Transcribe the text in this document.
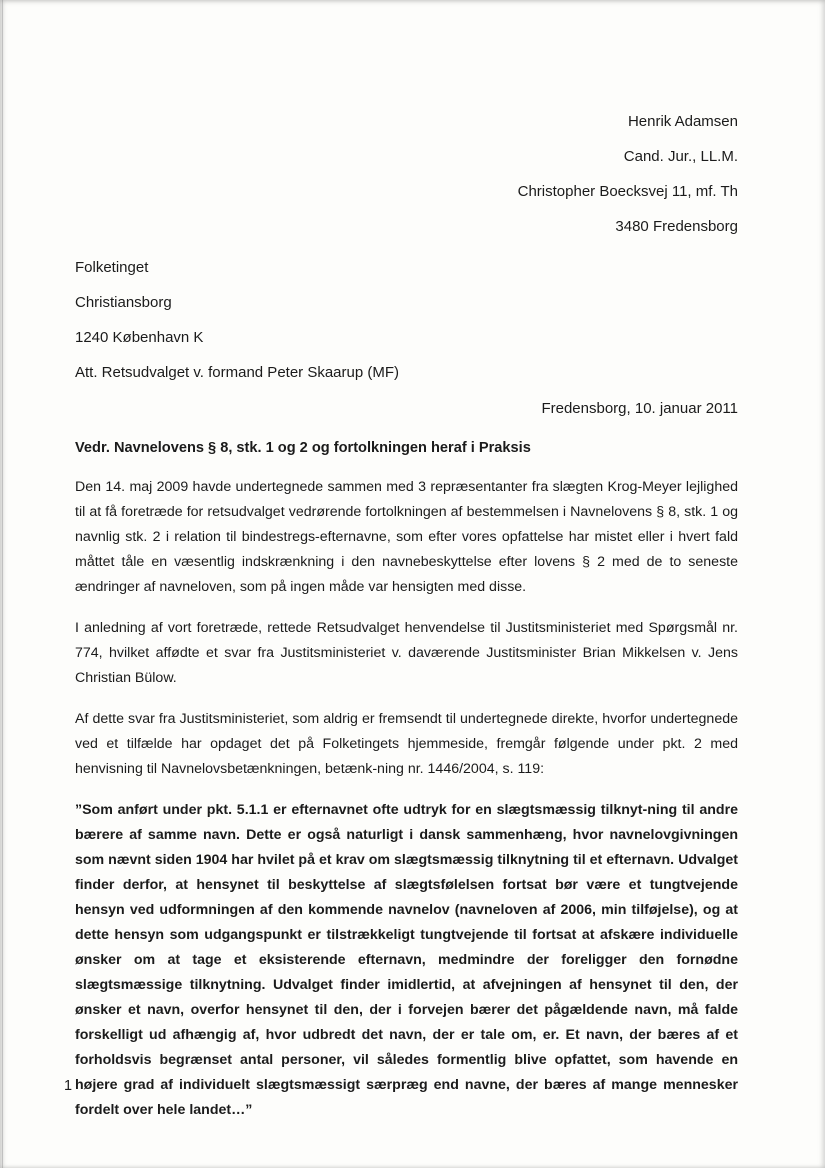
Henrik Adamsen
Cand. Jur., LL.M.
Christopher Boecksvej 11, mf. Th
3480 Fredensborg
Folketinget
Christiansborg
1240 København K
Att. Retsudvalget v. formand Peter Skaarup (MF)
Fredensborg, 10. januar 2011
Vedr. Navnelovens § 8, stk. 1 og 2 og fortolkningen heraf i Praksis

Den 14. maj 2009 havde undertegnede sammen med 3 repræsentanter fra slægten Krog-Meyer lejlighed til at få foretræde for retsudvalget vedrørende fortolkningen af bestemmelsen i Navnelovens § 8, stk. 1 og navnlig stk. 2 i relation til bindestregs-efternavne, som efter vores opfattelse har mistet eller i hvert fald måttet tåle en væsentlig indskrænkning i den navnebeskyttelse efter lovens § 2 med de to seneste ændringer af navneloven, som på ingen måde var hensigten med disse.

I anledning af vort foretræde, rettede Retsudvalget henvendelse til Justitsministeriet med Spørgsmål nr. 774, hvilket affødte et svar fra Justitsministeriet v. daværende Justitsminister Brian Mikkelsen v. Jens Christian Bülow.

Af dette svar fra Justitsministeriet, som aldrig er fremsendt til undertegnede direkte, hvorfor undertegnede ved et tilfælde har opdaget det på Folketingets hjemmeside, fremgår følgende under pkt. 2 med henvisning til Navnelovsbetænkningen, betænk-ning nr. 1446/2004, s. 119:

”Som anført under pkt. 5.1.1 er efternavnet ofte udtryk for en slægtsmæssig tilknyt-ning til andre bærere af samme navn. Dette er også naturligt i dansk sammenhæng, hvor navnelovgivningen som nævnt siden 1904 har hvilet på et krav om slægtsmæssig tilknytning til et efternavn. Udvalget finder derfor, at hensynet til beskyttelse af slægtsfølelsen fortsat bør være et tungtvejende hensyn ved udformningen af den kommende navnelov (navneloven af 2006, min tilføjelse), og at dette hensyn som udgangspunkt er tilstrækkeligt tungtvejende til fortsat at afskære individuelle ønsker om at tage et eksisterende efternavn, medmindre der foreligger den fornødne slægtsmæssige tilknytning. Udvalget finder imidlertid, at afvejningen af hensynet til den, der ønsker et navn, overfor hensynet til den, der i forvejen bærer det pågældende navn, må falde forskelligt ud afhængig af, hvor udbredt det navn, der er tale om, er. Et navn, der bæres af et forholdsvis begrænset antal personer, vil således formentlig blive opfattet, som havende en højere grad af individuelt slægtsmæssigt særpræg end navne, der bæres af mange mennesker fordelt over hele landet…”

1
